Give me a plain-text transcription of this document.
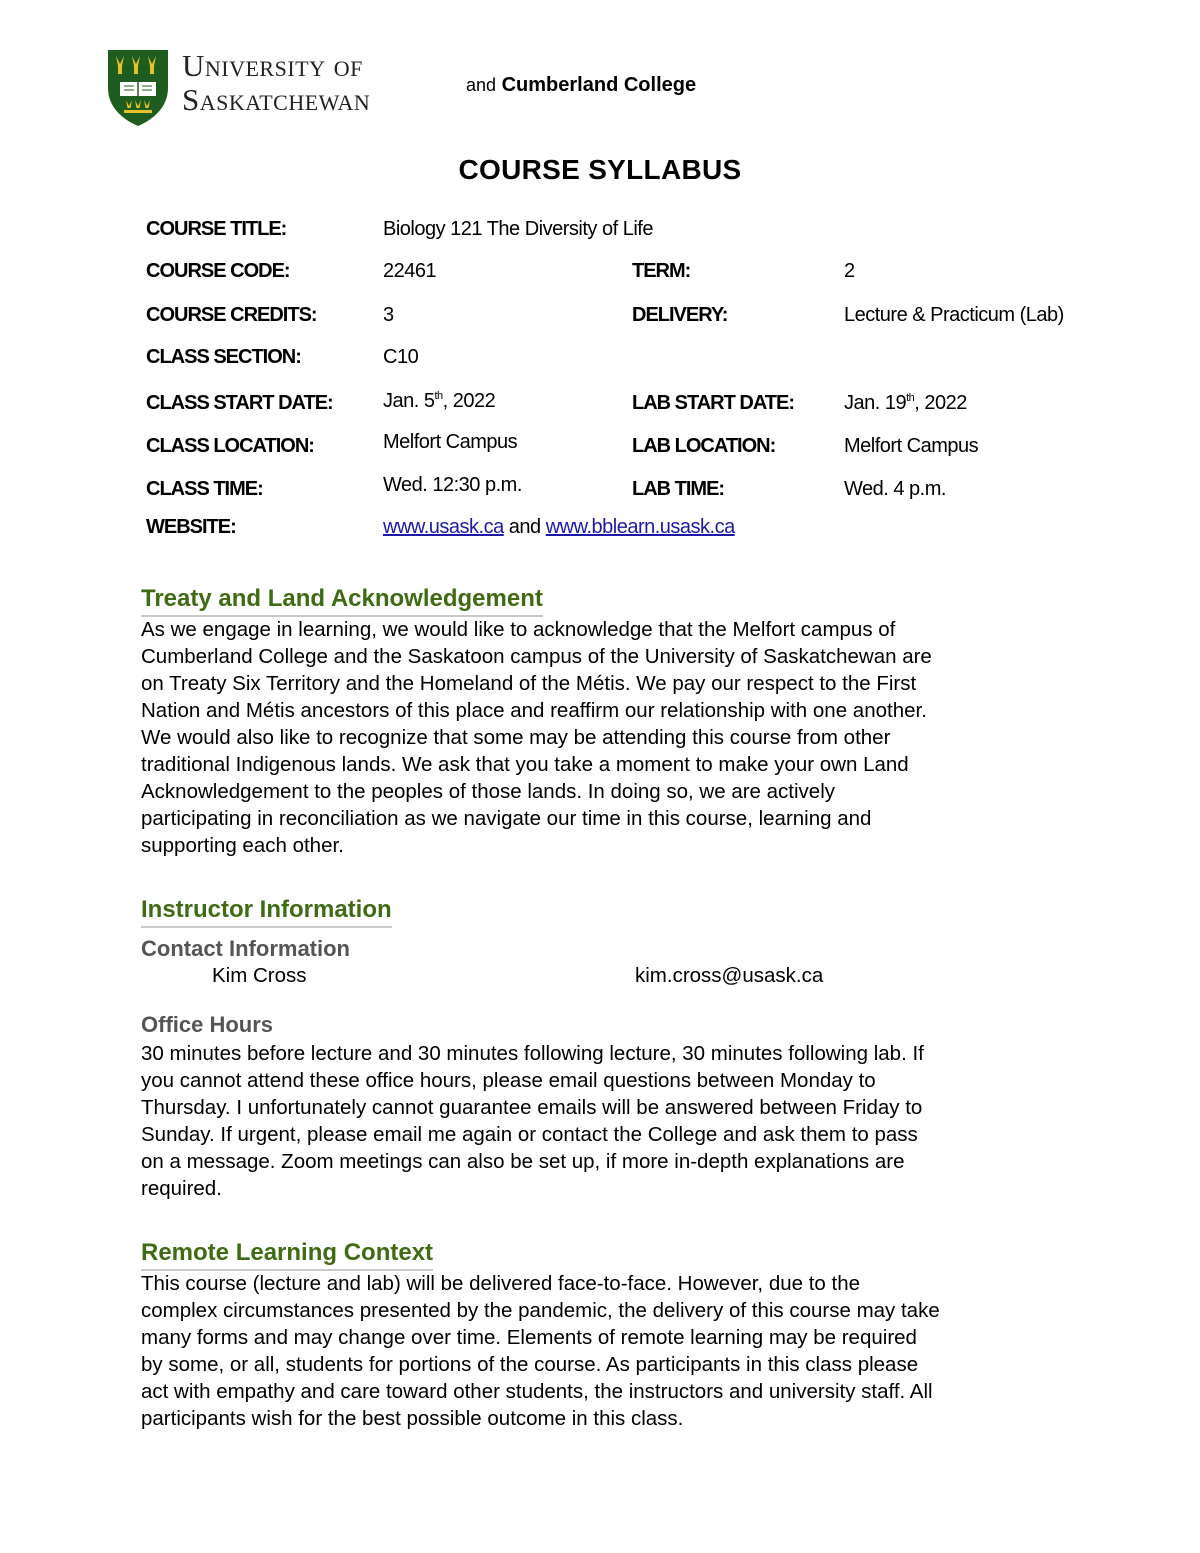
University of
Saskatchewan	and Cumberland College
COURSE SYLLABUS
COURSE TITLE:	Biology 121 The Diversity of Life
COURSE CODE:	22461	TERM:	2
COURSE CREDITS:	3	DELIVERY:	Lecture & Practicum (Lab)
CLASS SECTION:	C10
CLASS START DATE:	Jan. 5th, 2022	LAB START DATE: Jan. 19th, 2022
CLASS LOCATION:	Melfort Campus	LAB LOCATION:	Melfort Campus
CLASS TIME:	Wed. 12:30 p.m.	LAB TIME:	Wed. 4 p.m.
WEBSITE:	www.usask.ca and www.bblearn.usask.ca
Treaty and Land Acknowledgement
As we engage in learning, we would like to acknowledge that the Melfort campus of
Cumberland College and the Saskatoon campus of the University of Saskatchewan are
on Treaty Six Territory and the Homeland of the Métis. We pay our respect to the First
Nation and Métis ancestors of this place and reaffirm our relationship with one another.
We would also like to recognize that some may be attending this course from other
traditional Indigenous lands. We ask that you take a moment to make your own Land
Acknowledgement to the peoples of those lands. In doing so, we are actively
participating in reconciliation as we navigate our time in this course, learning and
supporting each other.
Instructor Information
Contact Information
Kim Cross	kim.cross@usask.ca
Office Hours
30 minutes before lecture and 30 minutes following lecture, 30 minutes following lab. If
you cannot attend these office hours, please email questions between Monday to
Thursday. I unfortunately cannot guarantee emails will be answered between Friday to
Sunday. If urgent, please email me again or contact the College and ask them to pass
on a message. Zoom meetings can also be set up, if more in-depth explanations are
required.
Remote Learning Context
This course (lecture and lab) will be delivered face-to-face. However, due to the
complex circumstances presented by the pandemic, the delivery of this course may take
many forms and may change over time. Elements of remote learning may be required
by some, or all, students for portions of the course. As participants in this class please
act with empathy and care toward other students, the instructors and university staff. All
participants wish for the best possible outcome in this class.
